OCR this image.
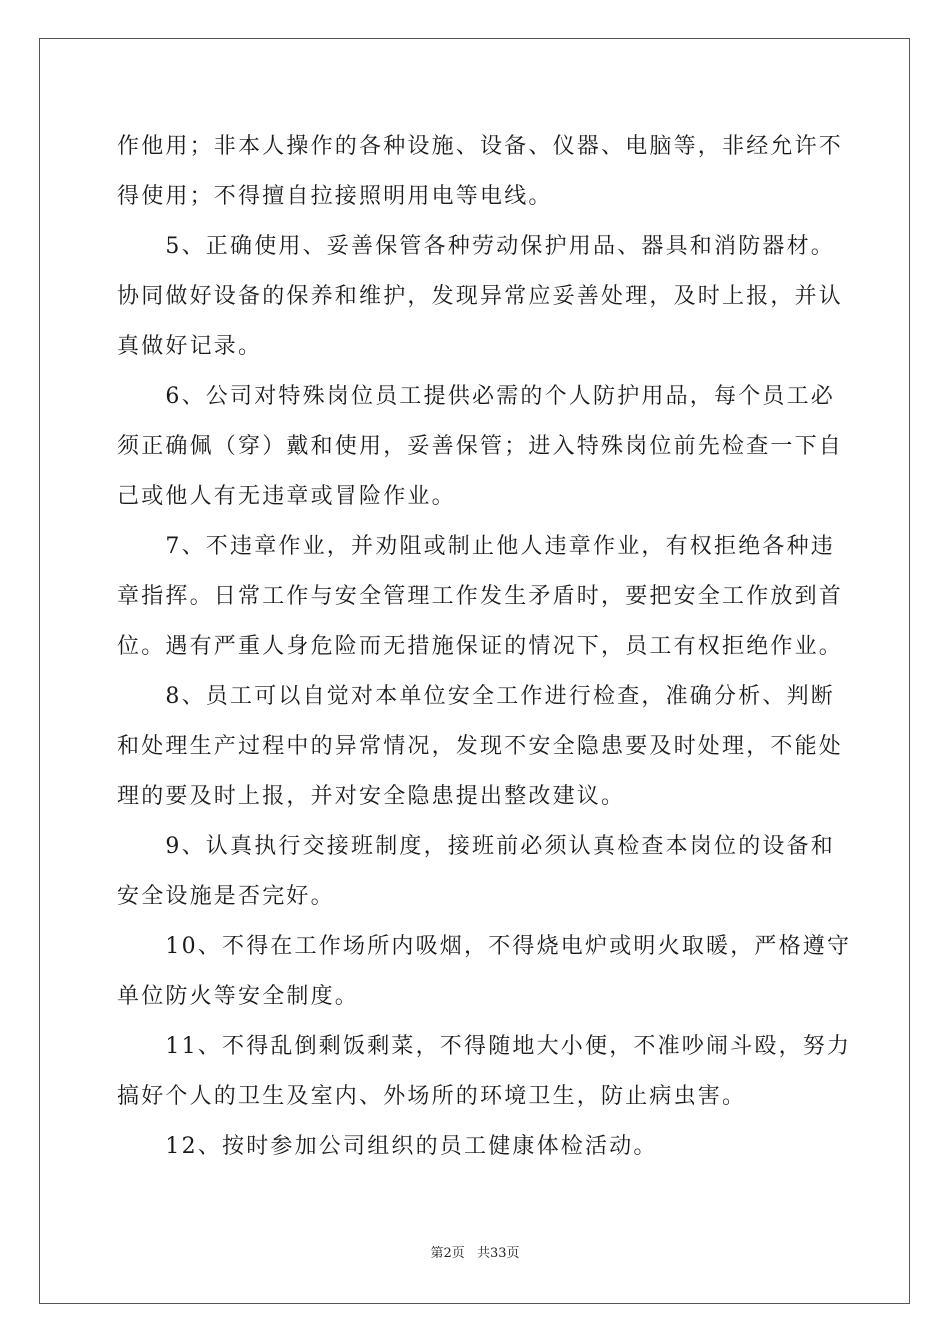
作他用；非本人操作的各种设施、设备、仪器、电脑等，非经允许不
得使用；不得擅自拉接照明用电等电线。
　　5、正确使用、妥善保管各种劳动保护用品、器具和消防器材。
协同做好设备的保养和维护，发现异常应妥善处理，及时上报，并认
真做好记录。
　　6、公司对特殊岗位员工提供必需的个人防护用品，每个员工必
须正确佩（穿）戴和使用，妥善保管；进入特殊岗位前先检查一下自
己或他人有无违章或冒险作业。
　　7、不违章作业，并劝阻或制止他人违章作业，有权拒绝各种违
章指挥。日常工作与安全管理工作发生矛盾时，要把安全工作放到首
位。遇有严重人身危险而无措施保证的情况下，员工有权拒绝作业。
　　8、员工可以自觉对本单位安全工作进行检查，准确分析、判断
和处理生产过程中的异常情况，发现不安全隐患要及时处理，不能处
理的要及时上报，并对安全隐患提出整改建议。
　　9、认真执行交接班制度，接班前必须认真检查本岗位的设备和
安全设施是否完好。
　　10、不得在工作场所内吸烟，不得烧电炉或明火取暖，严格遵守
单位防火等安全制度。
　　11、不得乱倒剩饭剩菜，不得随地大小便，不准吵闹斗殴，努力
搞好个人的卫生及室内、外场所的环境卫生，防止病虫害。
　　12、按时参加公司组织的员工健康体检活动。
第2页 共33页
